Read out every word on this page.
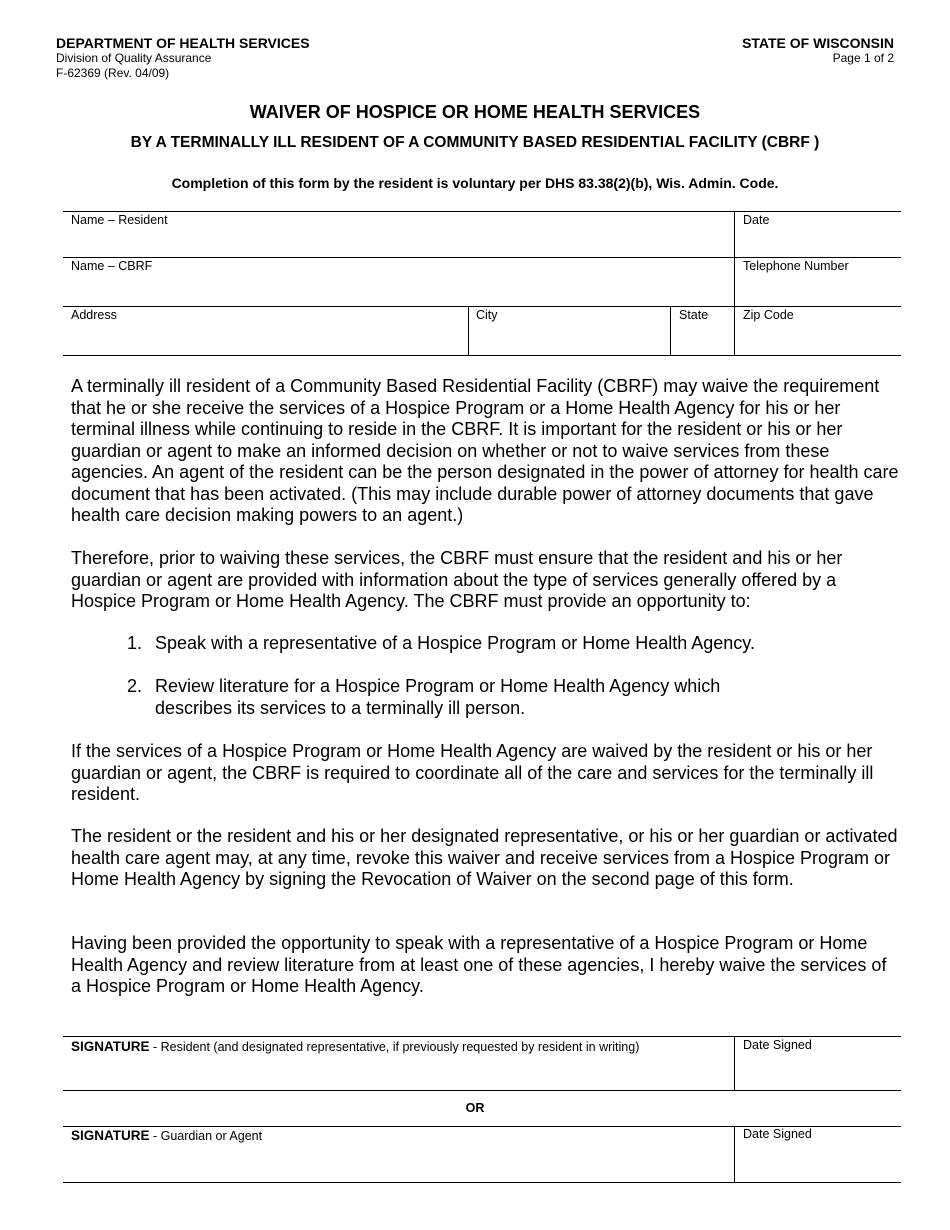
DEPARTMENT OF HEALTH SERVICES
Division of Quality Assurance
F-62369 (Rev. 04/09)
STATE OF WISCONSIN
Page 1 of 2
WAIVER OF HOSPICE OR HOME HEALTH SERVICES
BY A TERMINALLY ILL RESIDENT OF A COMMUNITY BASED RESIDENTIAL FACILITY (CBRF )
Completion of this form by the resident is voluntary per DHS 83.38(2)(b), Wis. Admin. Code.
Name – Resident	Date
Name – CBRF	Telephone Number
Address	City	State	Zip Code
A terminally ill resident of a Community Based Residential Facility (CBRF) may waive the requirement that he or she receive the services of a Hospice Program or a Home Health Agency for his or her terminal illness while continuing to reside in the CBRF. It is important for the resident or his or her guardian or agent to make an informed decision on whether or not to waive services from these agencies. An agent of the resident can be the person designated in the power of attorney for health care document that has been activated. (This may include durable power of attorney documents that gave health care decision making powers to an agent.)
Therefore, prior to waiving these services, the CBRF must ensure that the resident and his or her guardian or agent are provided with information about the type of services generally offered by a Hospice Program or Home Health Agency. The CBRF must provide an opportunity to:
1. Speak with a representative of a Hospice Program or Home Health Agency.
2. Review literature for a Hospice Program or Home Health Agency which describes its services to a terminally ill person.
If the services of a Hospice Program or Home Health Agency are waived by the resident or his or her guardian or agent, the CBRF is required to coordinate all of the care and services for the terminally ill resident.
The resident or the resident and his or her designated representative, or his or her guardian or activated health care agent may, at any time, revoke this waiver and receive services from a Hospice Program or Home Health Agency by signing the Revocation of Waiver on the second page of this form.
Having been provided the opportunity to speak with a representative of a Hospice Program or Home Health Agency and review literature from at least one of these agencies, I hereby waive the services of a Hospice Program or Home Health Agency.
SIGNATURE - Resident (and designated representative, if previously requested by resident in writing)	Date Signed
OR
SIGNATURE - Guardian or Agent	Date Signed
